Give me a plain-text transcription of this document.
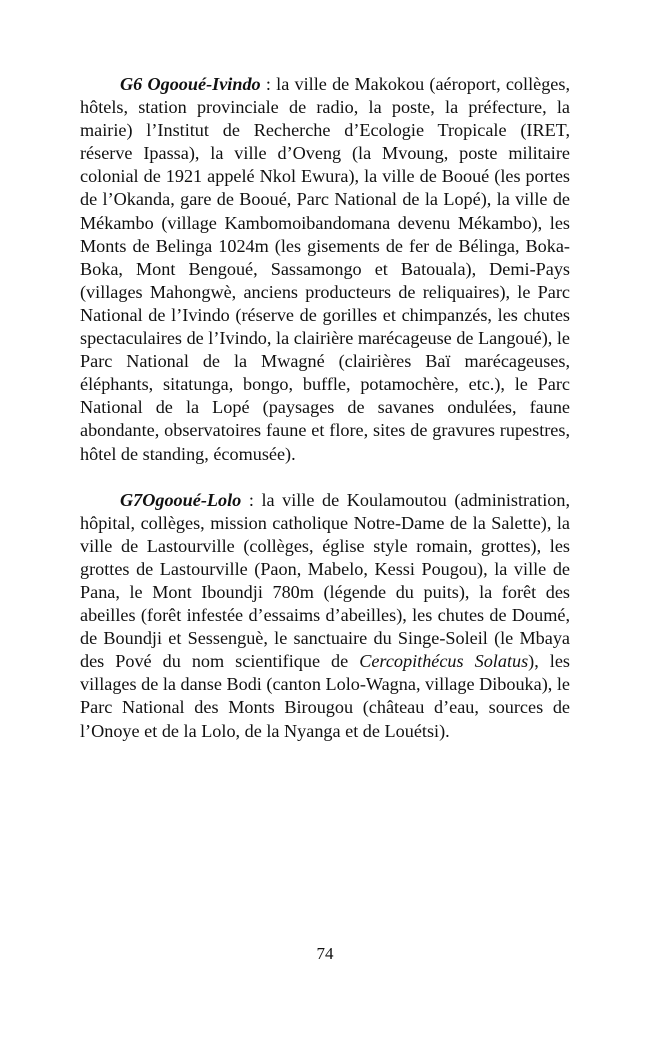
G6 Ogooué-Ivindo : la ville de Makokou (aéroport, collèges, hôtels, station provinciale de radio, la poste, la préfecture, la mairie) l’Institut de Recherche d’Ecologie Tropicale (IRET, réserve Ipassa), la ville d’Oveng (la Mvoung, poste militaire colonial de 1921 appelé Nkol Ewura), la ville de Booué (les portes de l’Okanda, gare de Booué, Parc National de la Lopé), la ville de Mékambo (village Kambomoibandomana devenu Mékambo), les Monts de Belinga 1024m (les gisements de fer de Bélinga, Boka-Boka, Mont Bengoué, Sassamongo et Batouala), Demi-Pays (villages Mahongwè, anciens producteurs de reliquaires), le Parc National de l’Ivindo (réserve de gorilles et chimpanzés, les chutes spectaculaires de l’Ivindo, la clairière marécageuse de Langoué), le Parc National de la Mwagné (clairières Baï marécageuses, éléphants, sitatunga, bongo, buffle, potamochère, etc.), le Parc National de la Lopé (paysages de savanes ondulées, faune abondante, observatoires faune et flore, sites de gravures rupestres, hôtel de standing, écomusée).

G7Ogooué-Lolo : la ville de Koulamoutou (administration, hôpital, collèges, mission catholique Notre-Dame de la Salette), la ville de Lastourville (collèges, église style romain, grottes), les grottes de Lastourville (Paon, Mabelo, Kessi Pougou), la ville de Pana, le Mont Iboundji 780m (légende du puits), la forêt des abeilles (forêt infestée d’essaims d’abeilles), les chutes de Doumé, de Boundji et Sessenguè, le sanctuaire du Singe-Soleil (le Mbaya des Pové du nom scientifique de Cercopithécus Solatus), les villages de la danse Bodi (canton Lolo-Wagna, village Dibouka), le Parc National des Monts Birougou (château d’eau, sources de l’Onoye et de la Lolo, de la Nyanga et de Louétsi).

74
